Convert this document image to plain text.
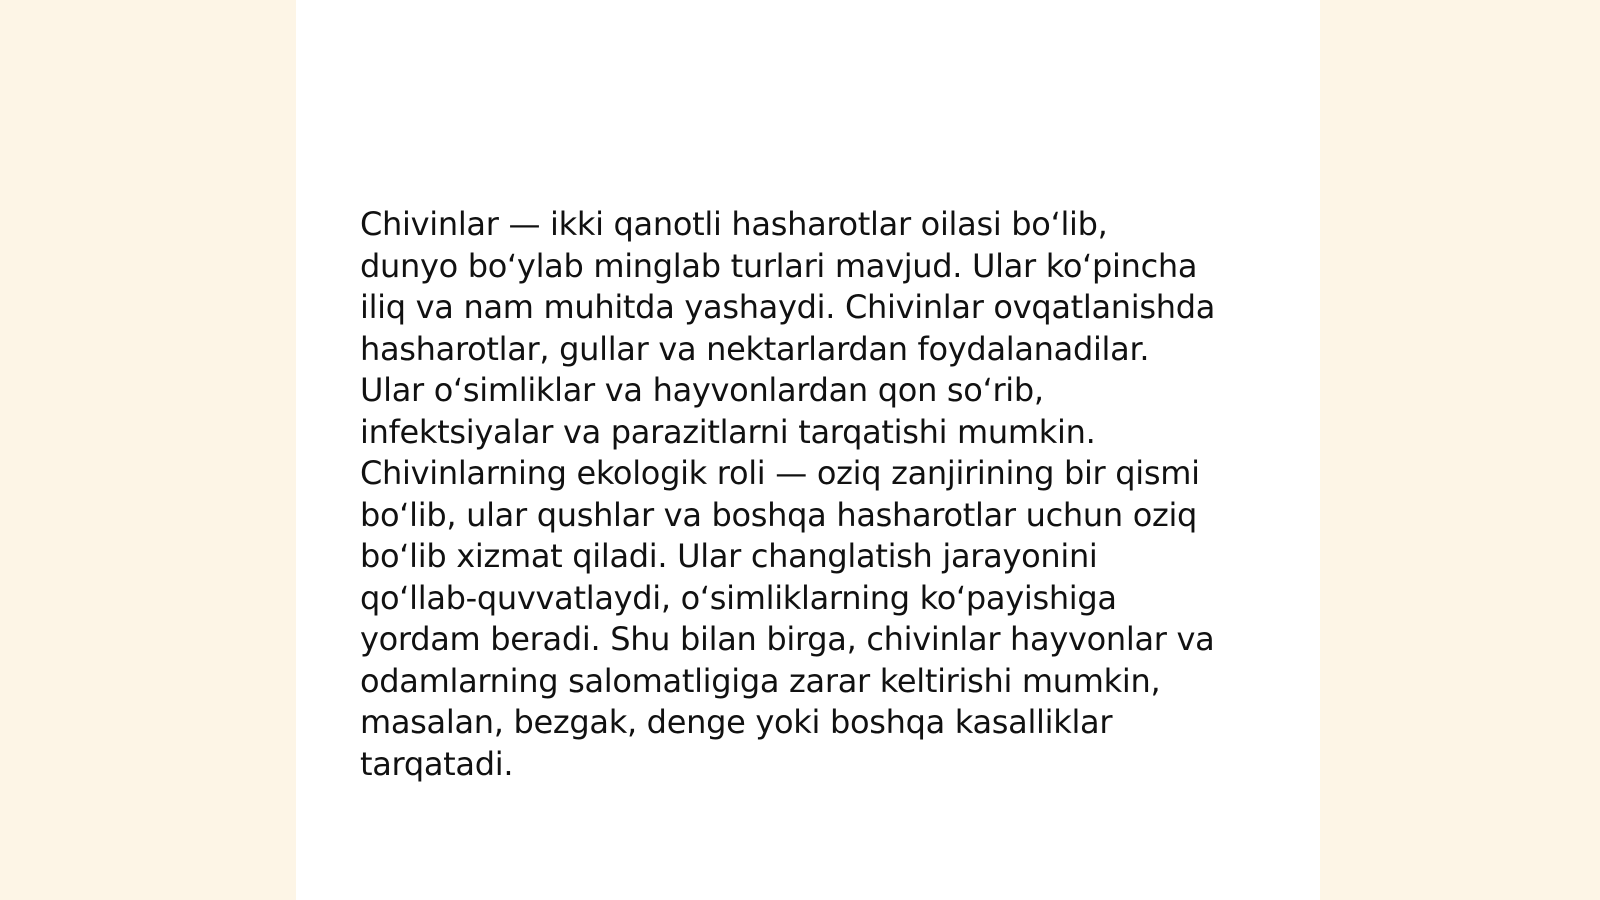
Chivinlar — ikki qanotli hasharotlar oilasi bo‘lib,
dunyo bo‘ylab minglab turlari mavjud. Ular ko‘pincha
iliq va nam muhitda yashaydi. Chivinlar ovqatlanishda
hasharotlar, gullar va nektarlardan foydalanadilar.
Ular o‘simliklar va hayvonlardan qon so‘rib,
infektsiyalar va parazitlarni tarqatishi mumkin.
Chivinlarning ekologik roli — oziq zanjirining bir qismi
bo‘lib, ular qushlar va boshqa hasharotlar uchun oziq
bo‘lib xizmat qiladi. Ular changlatish jarayonini
qo‘llab-quvvatlaydi, o‘simliklarning ko‘payishiga
yordam beradi. Shu bilan birga, chivinlar hayvonlar va
odamlarning salomatligiga zarar keltirishi mumkin,
masalan, bezgak, denge yoki boshqa kasalliklar
tarqatadi.
